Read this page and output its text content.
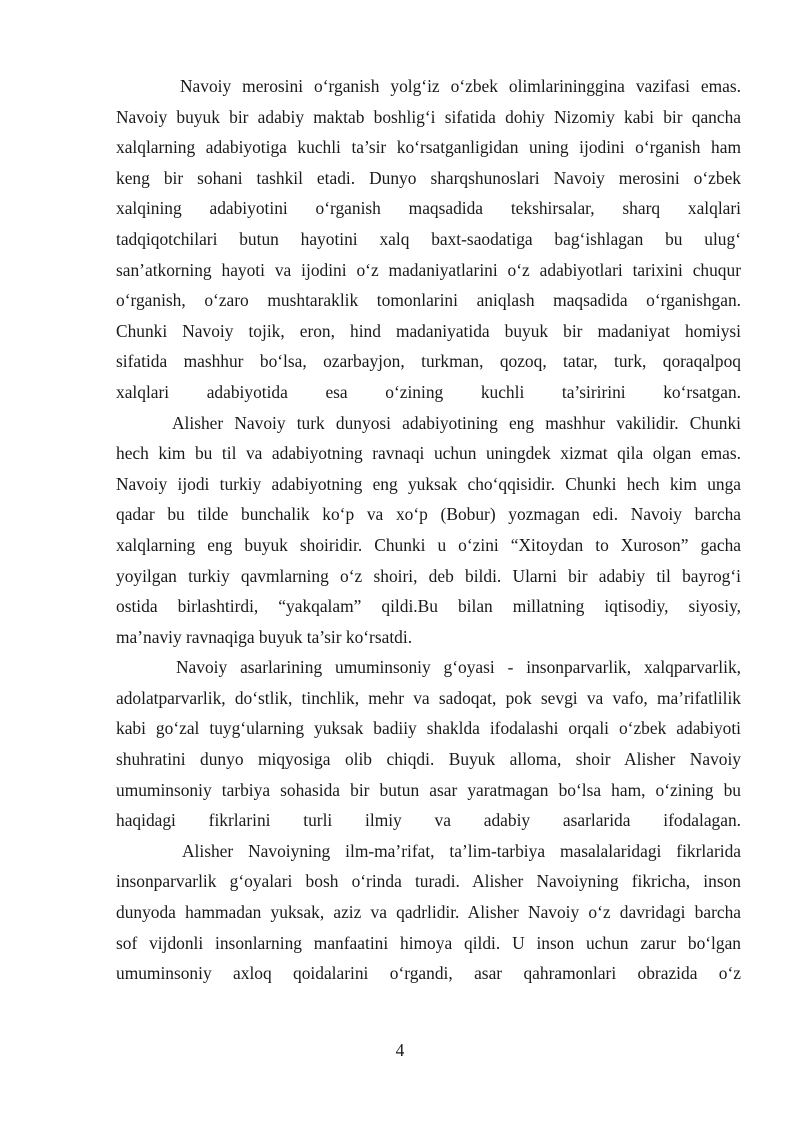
Navoiy merosini o‘rganish yolg‘iz o‘zbek olimlarininggina vazifasi emas.
Navoiy buyuk bir adabiy maktab boshlig‘i sifatida dohiy Nizomiy kabi bir qancha
xalqlarning adabiyotiga kuchli ta’sir ko‘rsatganligidan uning ijodini o‘rganish ham
keng bir sohani tashkil etadi. Dunyo sharqshunoslari Navoiy merosini o‘zbek
xalqining adabiyotini o‘rganish maqsadida tekshirsalar, sharq xalqlari
tadqiqotchilari butun hayotini xalq baxt-saodatiga bag‘ishlagan bu ulug‘
san’atkorning hayoti va ijodini o‘z madaniyatlarini o‘z adabiyotlari tarixini chuqur
o‘rganish, o‘zaro mushtaraklik tomonlarini aniqlash maqsadida o‘rganishgan.
Chunki Navoiy tojik, eron, hind madaniyatida buyuk bir madaniyat homiysi
sifatida mashhur bo‘lsa, ozarbayjon, turkman, qozoq, tatar, turk, qoraqalpoq
xalqlari adabiyotida esa o‘zining kuchli ta’siririni ko‘rsatgan.
Alisher Navoiy turk dunyosi adabiyotining eng mashhur vakilidir. Chunki
hech kim bu til va adabiyotning ravnaqi uchun uningdek xizmat qila olgan emas.
Navoiy ijodi turkiy adabiyotning eng yuksak cho‘qqisidir. Chunki hech kim unga
qadar bu tilde bunchalik ko‘p va xo‘p (Bobur) yozmagan edi. Navoiy barcha
xalqlarning eng buyuk shoiridir. Chunki u o‘zini “Xitoydan to Xuroson” gacha
yoyilgan turkiy qavmlarning o‘z shoiri, deb bildi. Ularni bir adabiy til bayrog‘i
ostida birlashtirdi, “yakqalam” qildi.Bu bilan millatning iqtisodiy, siyosiy,
ma’naviy ravnaqiga buyuk ta’sir ko‘rsatdi.
Navoiy asarlarining umuminsoniy g‘oyasi - insonparvarlik, xalqparvarlik,
adolatparvarlik, do‘stlik, tinchlik, mehr va sadoqat, pok sevgi va vafo, ma’rifatlilik
kabi go‘zal tuyg‘ularning yuksak badiiy shaklda ifodalashi orqali o‘zbek adabiyoti
shuhratini dunyo miqyosiga olib chiqdi. Buyuk alloma, shoir Alisher Navoiy
umuminsoniy tarbiya sohasida bir butun asar yaratmagan bo‘lsa ham, o‘zining bu
haqidagi fikrlarini turli ilmiy va adabiy asarlarida ifodalagan.
Alisher Navoiyning ilm-ma’rifat, ta’lim-tarbiya masalalaridagi fikrlarida
insonparvarlik g‘oyalari bosh o‘rinda turadi. Alisher Navoiyning fikricha, inson
dunyoda hammadan yuksak, aziz va qadrlidir. Alisher Navoiy o‘z davridagi barcha
sof vijdonli insonlarning manfaatini himoya qildi. U inson uchun zarur bo‘lgan
umuminsoniy axloq qoidalarini o‘rgandi, asar qahramonlari obrazida o‘z
4
